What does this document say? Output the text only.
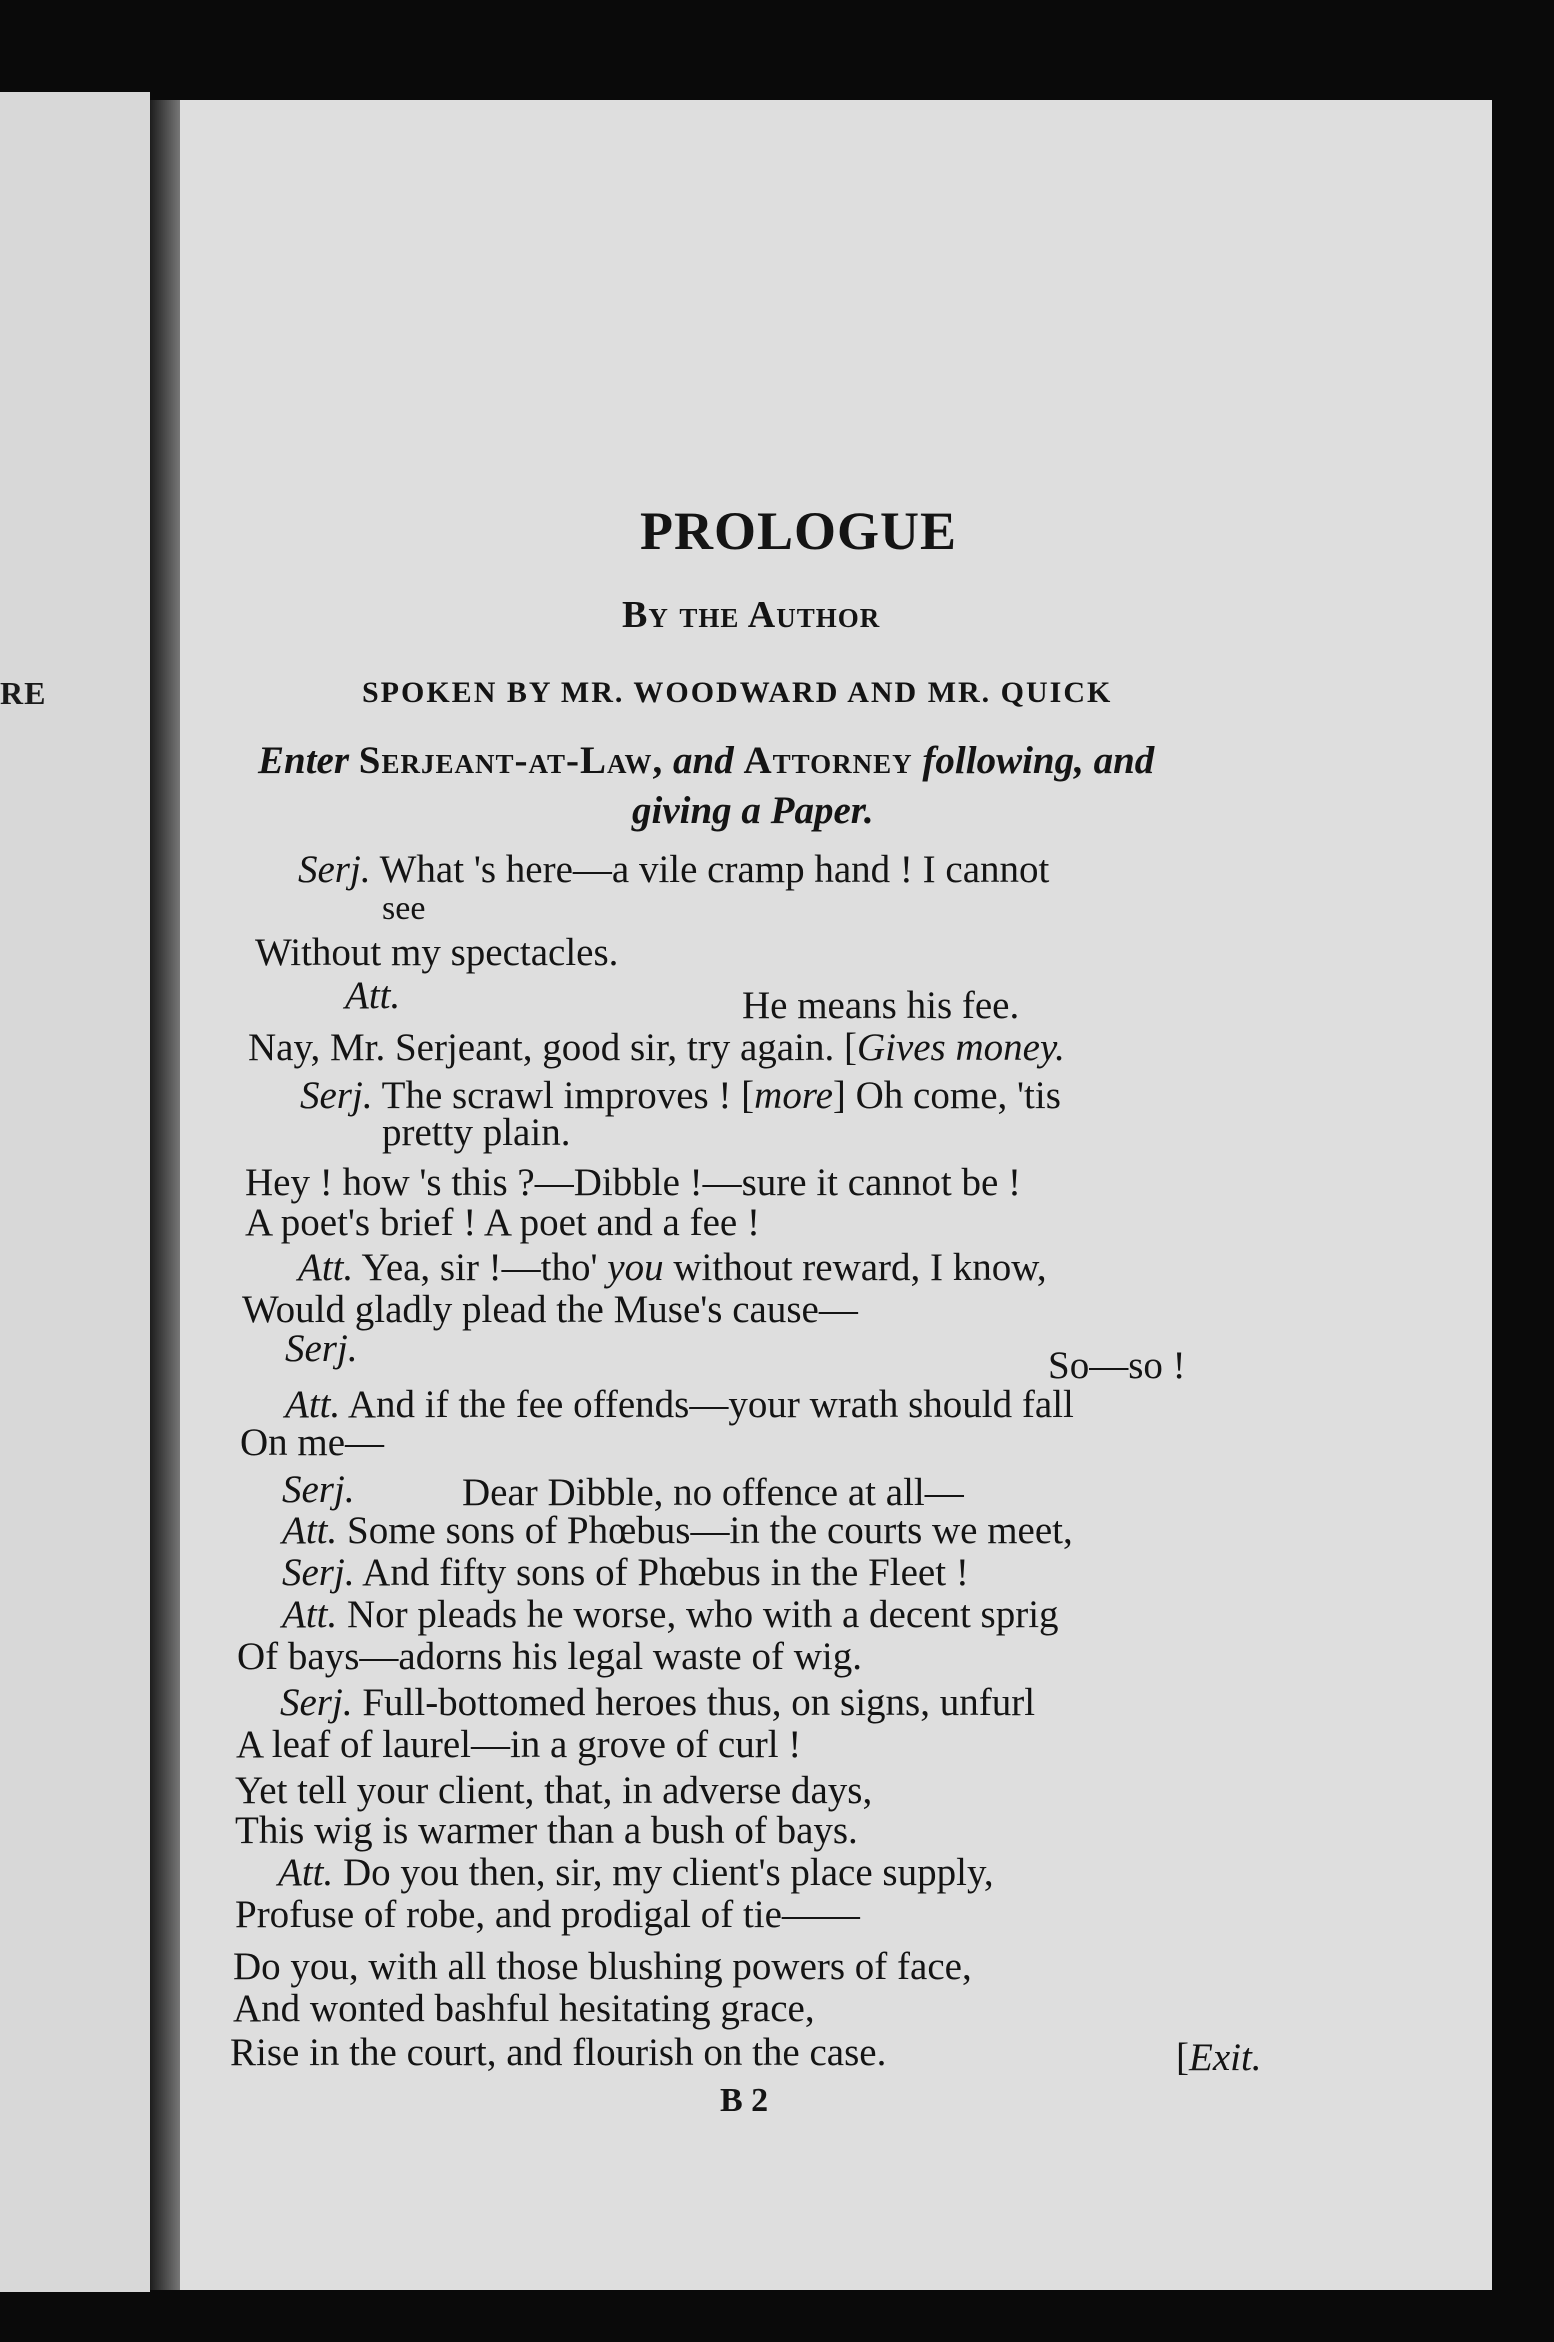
RE
PROLOGUE
By the Author
SPOKEN BY MR. WOODWARD AND MR. QUICK
Enter Serjeant-at-Law, and Attorney following, and
giving a Paper.
Serj. What 's here—a vile cramp hand ! I cannot
see
Without my spectacles.
Att.	He means his fee.
Nay, Mr. Serjeant, good sir, try again. [Gives money.
Serj. The scrawl improves ! [more] Oh come, 'tis
pretty plain.
Hey ! how 's this ?—Dibble !—sure it cannot be !
A poet's brief ! A poet and a fee !
Att. Yea, sir !—tho' you without reward, I know,
Would gladly plead the Muse's cause—
Serj.	So—so !
Att. And if the fee offends—your wrath should fall
On me—
Serj.	Dear Dibble, no offence at all—
Att. Some sons of Phœbus—in the courts we meet,
Serj. And fifty sons of Phœbus in the Fleet !
Att. Nor pleads he worse, who with a decent sprig
Of bays—adorns his legal waste of wig.
Serj. Full-bottomed heroes thus, on signs, unfurl
A leaf of laurel—in a grove of curl !
Yet tell your client, that, in adverse days,
This wig is warmer than a bush of bays.
Att. Do you then, sir, my client's place supply,
Profuse of robe, and prodigal of tie——
Do you, with all those blushing powers of face,
And wonted bashful hesitating grace,
Rise in the court, and flourish on the case.	[Exit.
B 2
